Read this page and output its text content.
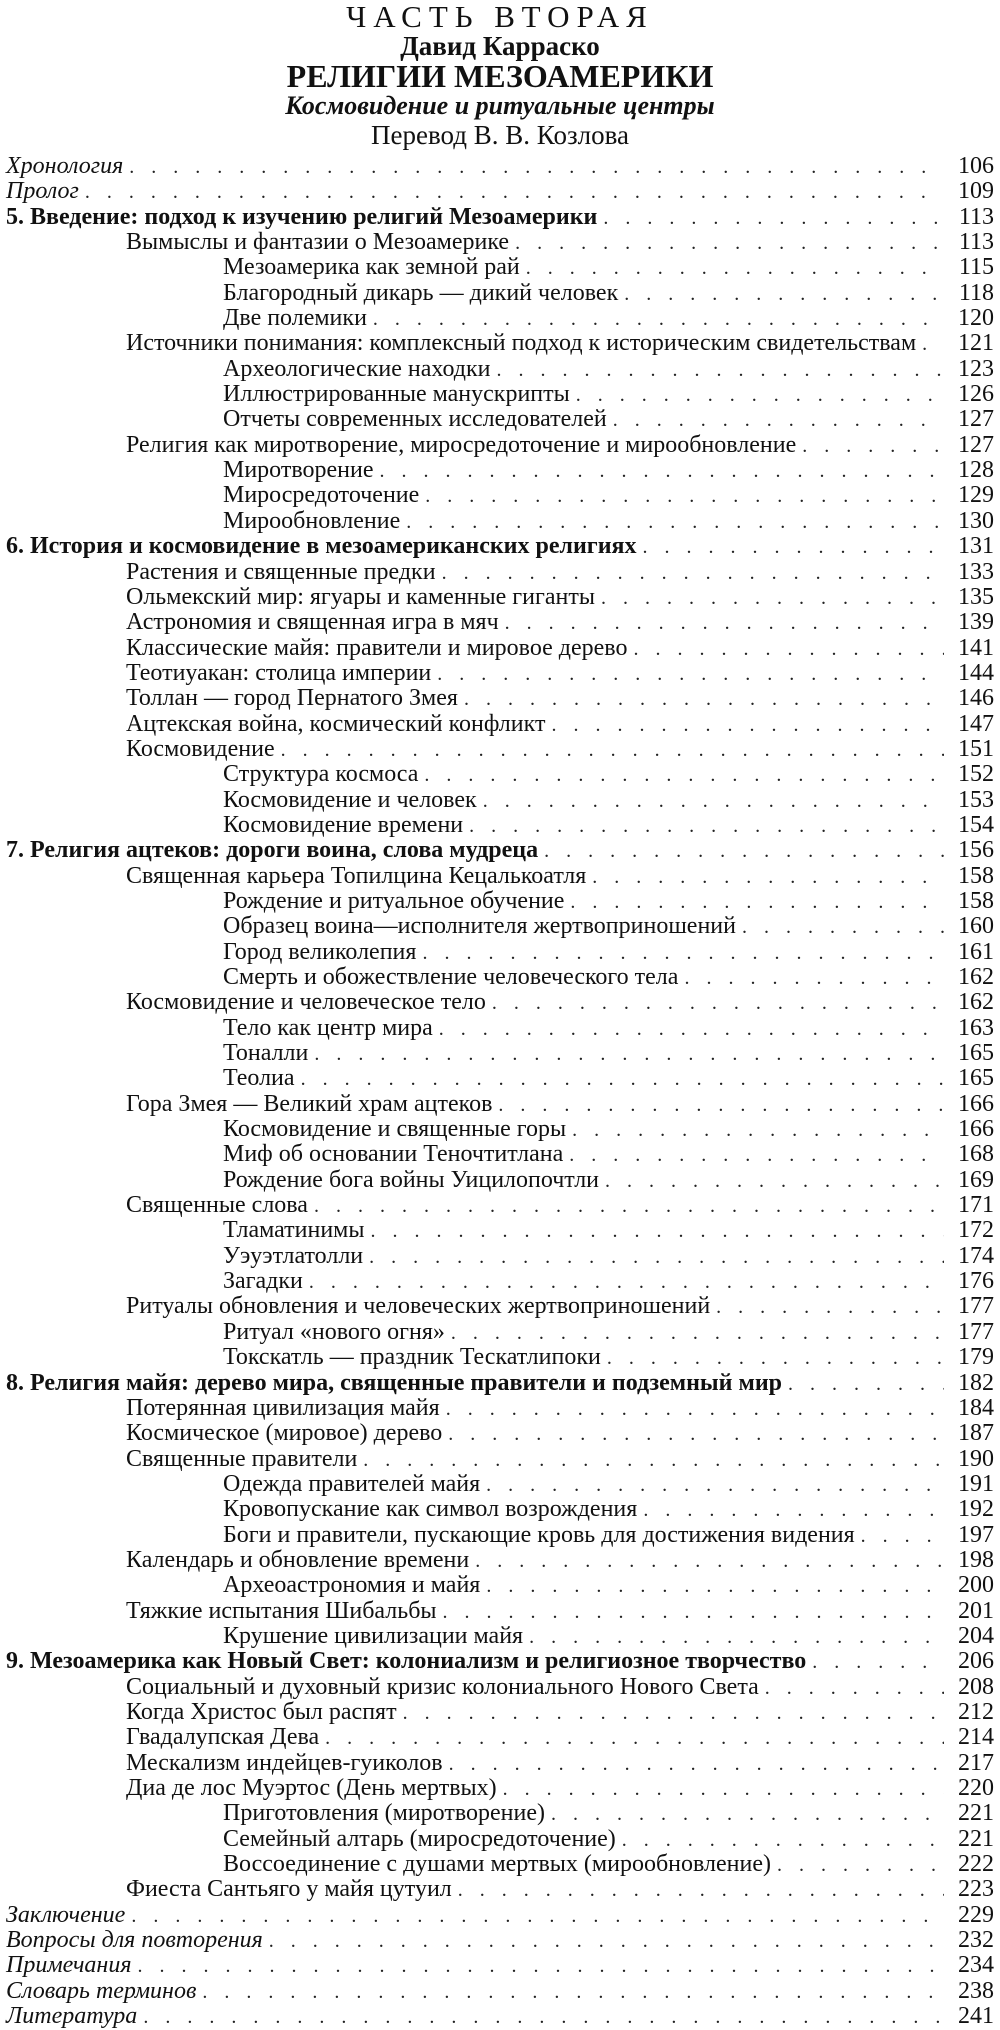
ЧАСТЬ ВТОРАЯ
Давид Карраско
РЕЛИГИИ МЕЗОАМЕРИКИ
Космовидение и ритуальные центры
Перевод В. В. Козлова
Хронология . . .	106
Пролог . . .	109
5. Введение: подход к изучению религий Мезоамерики . . .	113
Вымыслы и фантазии о Мезоамерике . . .	113
Мезоамерика как земной рай . . .	115
Благородный дикарь — дикий человек . . .	118
Две полемики . . .	120
Источники понимания: комплексный подход к историческим свидетельствам . . .	121
Археологические находки . . .	123
Иллюстрированные манускрипты . . .	126
Отчеты современных исследователей . . .	127
Религия как миротворение, миросредоточение и мирообновление . . .	127
Миротворение . . .	128
Миросредоточение . . .	129
Мирообновление . . .	130
6. История и космовидение в мезоамериканских религиях . . .	131
Растения и священные предки . . .	133
Ольмекский мир: ягуары и каменные гиганты . . .	135
Астрономия и священная игра в мяч . . .	139
Классические майя: правители и мировое дерево . . .	141
Теотиуакан: столица империи . . .	144
Толлан — город Пернатого Змея . . .	146
Ацтекская война, космический конфликт . . .	147
Космовидение . . .	151
Структура космоса . . .	152
Космовидение и человек . . .	153
Космовидение времени . . .	154
7. Религия ацтеков: дороги воина, слова мудреца . . .	156
Священная карьера Топилцина Кецалькоатля . . .	158
Рождение и ритуальное обучение . . .	158
Образец воина—исполнителя жертвоприношений . . .	160
Город великолепия . . .	161
Смерть и обожествление человеческого тела . . .	162
Космовидение и человеческое тело . . .	162
Тело как центр мира . . .	163
Тоналли . . .	165
Теолиа . . .	165
Гора Змея — Великий храм ацтеков . . .	166
Космовидение и священные горы . . .	166
Миф об основании Теночтитлана . . .	168
Рождение бога войны Уицилопочтли . . .	169
Священные слова . . .	171
Тламатинимы . . .	172
Уэуэтлатолли . . .	174
Загадки . . .	176
Ритуалы обновления и человеческих жертвоприношений . . .	177
Ритуал «нового огня» . . .	177
Токскатль — праздник Тескатлипоки . . .	179
8. Религия майя: дерево мира, священные правители и подземный мир . . .	182
Потерянная цивилизация майя . . .	184
Космическое (мировое) дерево . . .	187
Священные правители . . .	190
Одежда правителей майя . . .	191
Кровопускание как символ возрождения . . .	192
Боги и правители, пускающие кровь для достижения видения . . .	197
Календарь и обновление времени . . .	198
Археоастрономия и майя . . .	200
Тяжкие испытания Шибальбы . . .	201
Крушение цивилизации майя . . .	204
9. Мезоамерика как Новый Свет: колониализм и религиозное творчество . . .	206
Социальный и духовный кризис колониального Нового Света . . .	208
Когда Христос был распят . . .	212
Гвадалупская Дева . . .	214
Мескализм индейцев-гуиколов . . .	217
Диа де лос Муэртос (День мертвых) . . .	220
Приготовления (миротворение) . . .	221
Семейный алтарь (миросредоточение) . . .	221
Воссоединение с душами мертвых (мирообновление) . . .	222
Фиеста Сантьяго у майя цутуил . . .	223
Заключение . . .	229
Вопросы для повторения . . .	232
Примечания . . .	234
Словарь терминов . . .	238
Литература . . .	241
